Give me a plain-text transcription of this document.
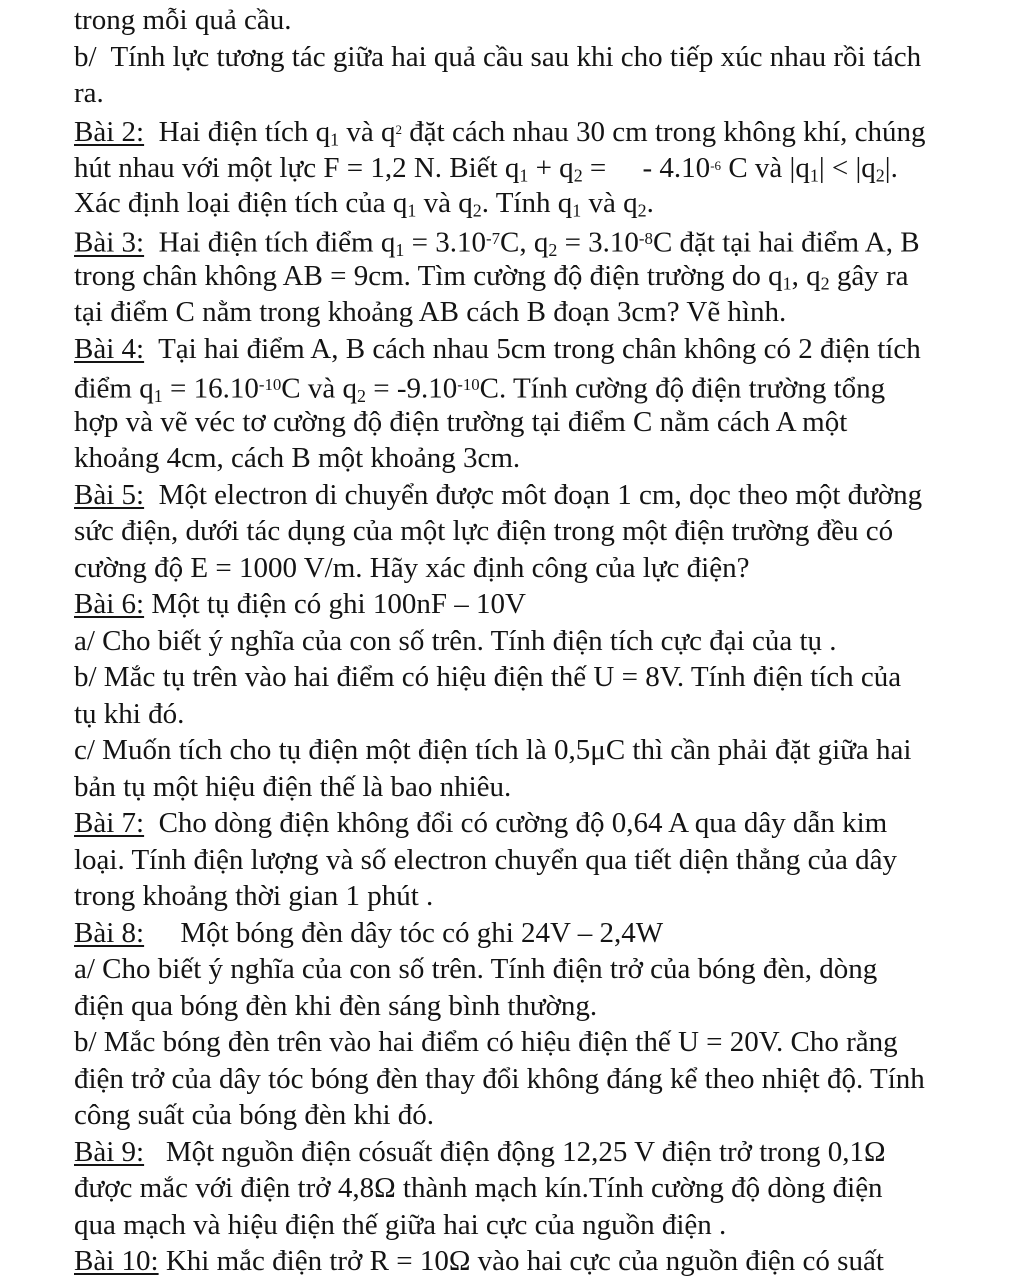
trong mỗi quả cầu.
b/  Tính lực tương tác giữa hai quả cầu sau khi cho tiếp xúc nhau rồi tách
ra.
Bài 2:  Hai điện tích $q_1$ và $q^2$ đặt cách nhau 30 cm trong không khí, chúng
hút nhau với một lực F = 1,2 N. Biết $q_1 + q_2$ =     - $4.10^{-6}$ C và $|q_1| < |q_2|$.
Xác định loại điện tích của $q_1$ và $q_2$. Tính $q_1$ và $q_2$.
Bài 3:  Hai điện tích điểm $q_1 = 3.10^{-7}C$, $q_2 = 3.10^{-8}C$ đặt tại hai điểm A, B
trong chân không AB = 9cm. Tìm cường độ điện trường do $q_1$, $q_2$ gây ra
tại điểm C nằm trong khoảng AB cách B đoạn 3cm? Vẽ hình.
Bài 4:  Tại hai điểm A, B cách nhau 5cm trong chân không có 2 điện tích
điểm $q_1 = 16.10^{-10}C$ và $q_2 = -9.10^{-10}C$. Tính cường độ điện trường tổng
hợp và vẽ véc tơ cường độ điện trường tại điểm C nằm cách A một
khoảng 4cm, cách B một khoảng 3cm.
Bài 5:  Một electron di chuyển được môt đoạn 1 cm, dọc theo một đường
sức điện, dưới tác dụng của một lực điện trong một điện trường đều có
cường độ E = 1000 V/m. Hãy xác định công của lực điện?
Bài 6: Một tụ điện có ghi 100nF – 10V
a/ Cho biết ý nghĩa của con số trên. Tính điện tích cực đại của tụ .
b/ Mắc tụ trên vào hai điểm có hiệu điện thế U = 8V. Tính điện tích của
tụ khi đó.
c/ Muốn tích cho tụ điện một điện tích là 0,5μC thì cần phải đặt giữa hai
bản tụ một hiệu điện thế là bao nhiêu.
Bài 7:  Cho dòng điện không đổi có cường độ 0,64 A qua dây dẫn kim
loại. Tính điện lượng và số electron chuyển qua tiết diện thẳng của dây
trong khoảng thời gian 1 phút .
Bài 8:     Một bóng đèn dây tóc có ghi 24V – 2,4W
a/ Cho biết ý nghĩa của con số trên. Tính điện trở của bóng đèn, dòng
điện qua bóng đèn khi đèn sáng bình thường.
b/ Mắc bóng đèn trên vào hai điểm có hiệu điện thế U = 20V. Cho rằng
điện trở của dây tóc bóng đèn thay đổi không đáng kể theo nhiệt độ. Tính
công suất của bóng đèn khi đó.
Bài 9:   Một nguồn điện cósuất điện động 12,25 V điện trở trong 0,1Ω
được mắc với điện trở 4,8Ω thành mạch kín.Tính cường độ dòng điện
qua mạch và hiệu điện thế giữa hai cực của nguồn điện .
Bài 10: Khi mắc điện trở R = 10Ω vào hai cực của nguồn điện có suất
